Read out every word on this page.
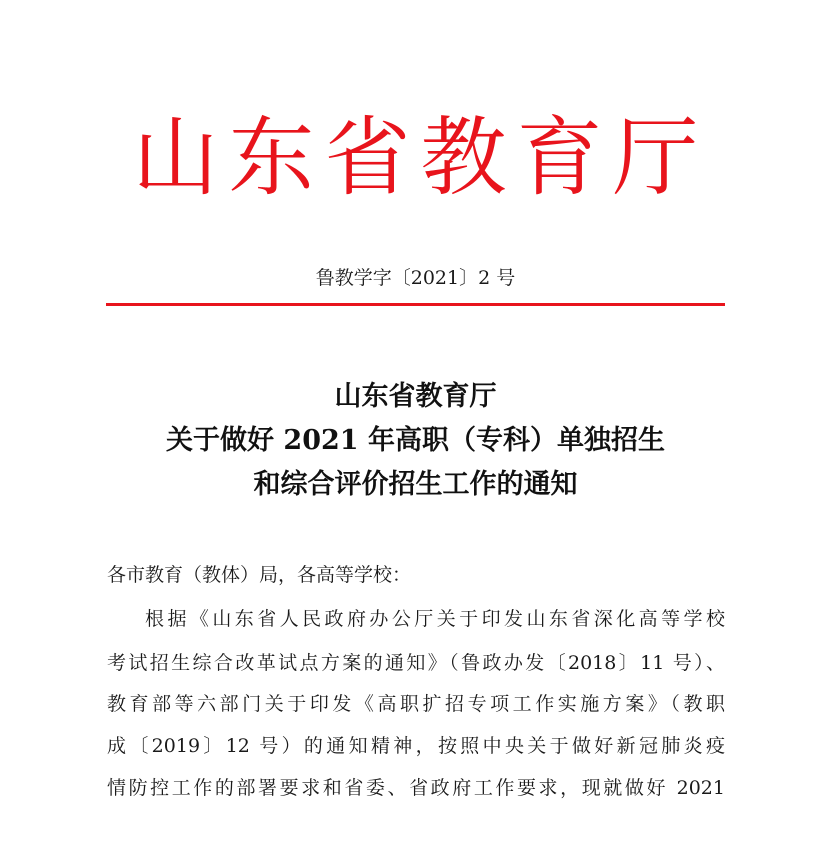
山东省教育厅
鲁教学字〔2021〕2 号
山东省教育厅
关于做好 2021 年高职（专科）单独招生
和综合评价招生工作的通知
各市教育（教体）局，各高等学校：
根据《山东省人民政府办公厅关于印发山东省深化高等学校
考试招生综合改革试点方案的通知》（鲁政办发〔2018〕11 号）、
教育部等六部门关于印发《高职扩招专项工作实施方案》（教职
成〔2019〕12 号）的通知精神，按照中央关于做好新冠肺炎疫
情防控工作的部署要求和省委、省政府工作要求，现就做好 2021
